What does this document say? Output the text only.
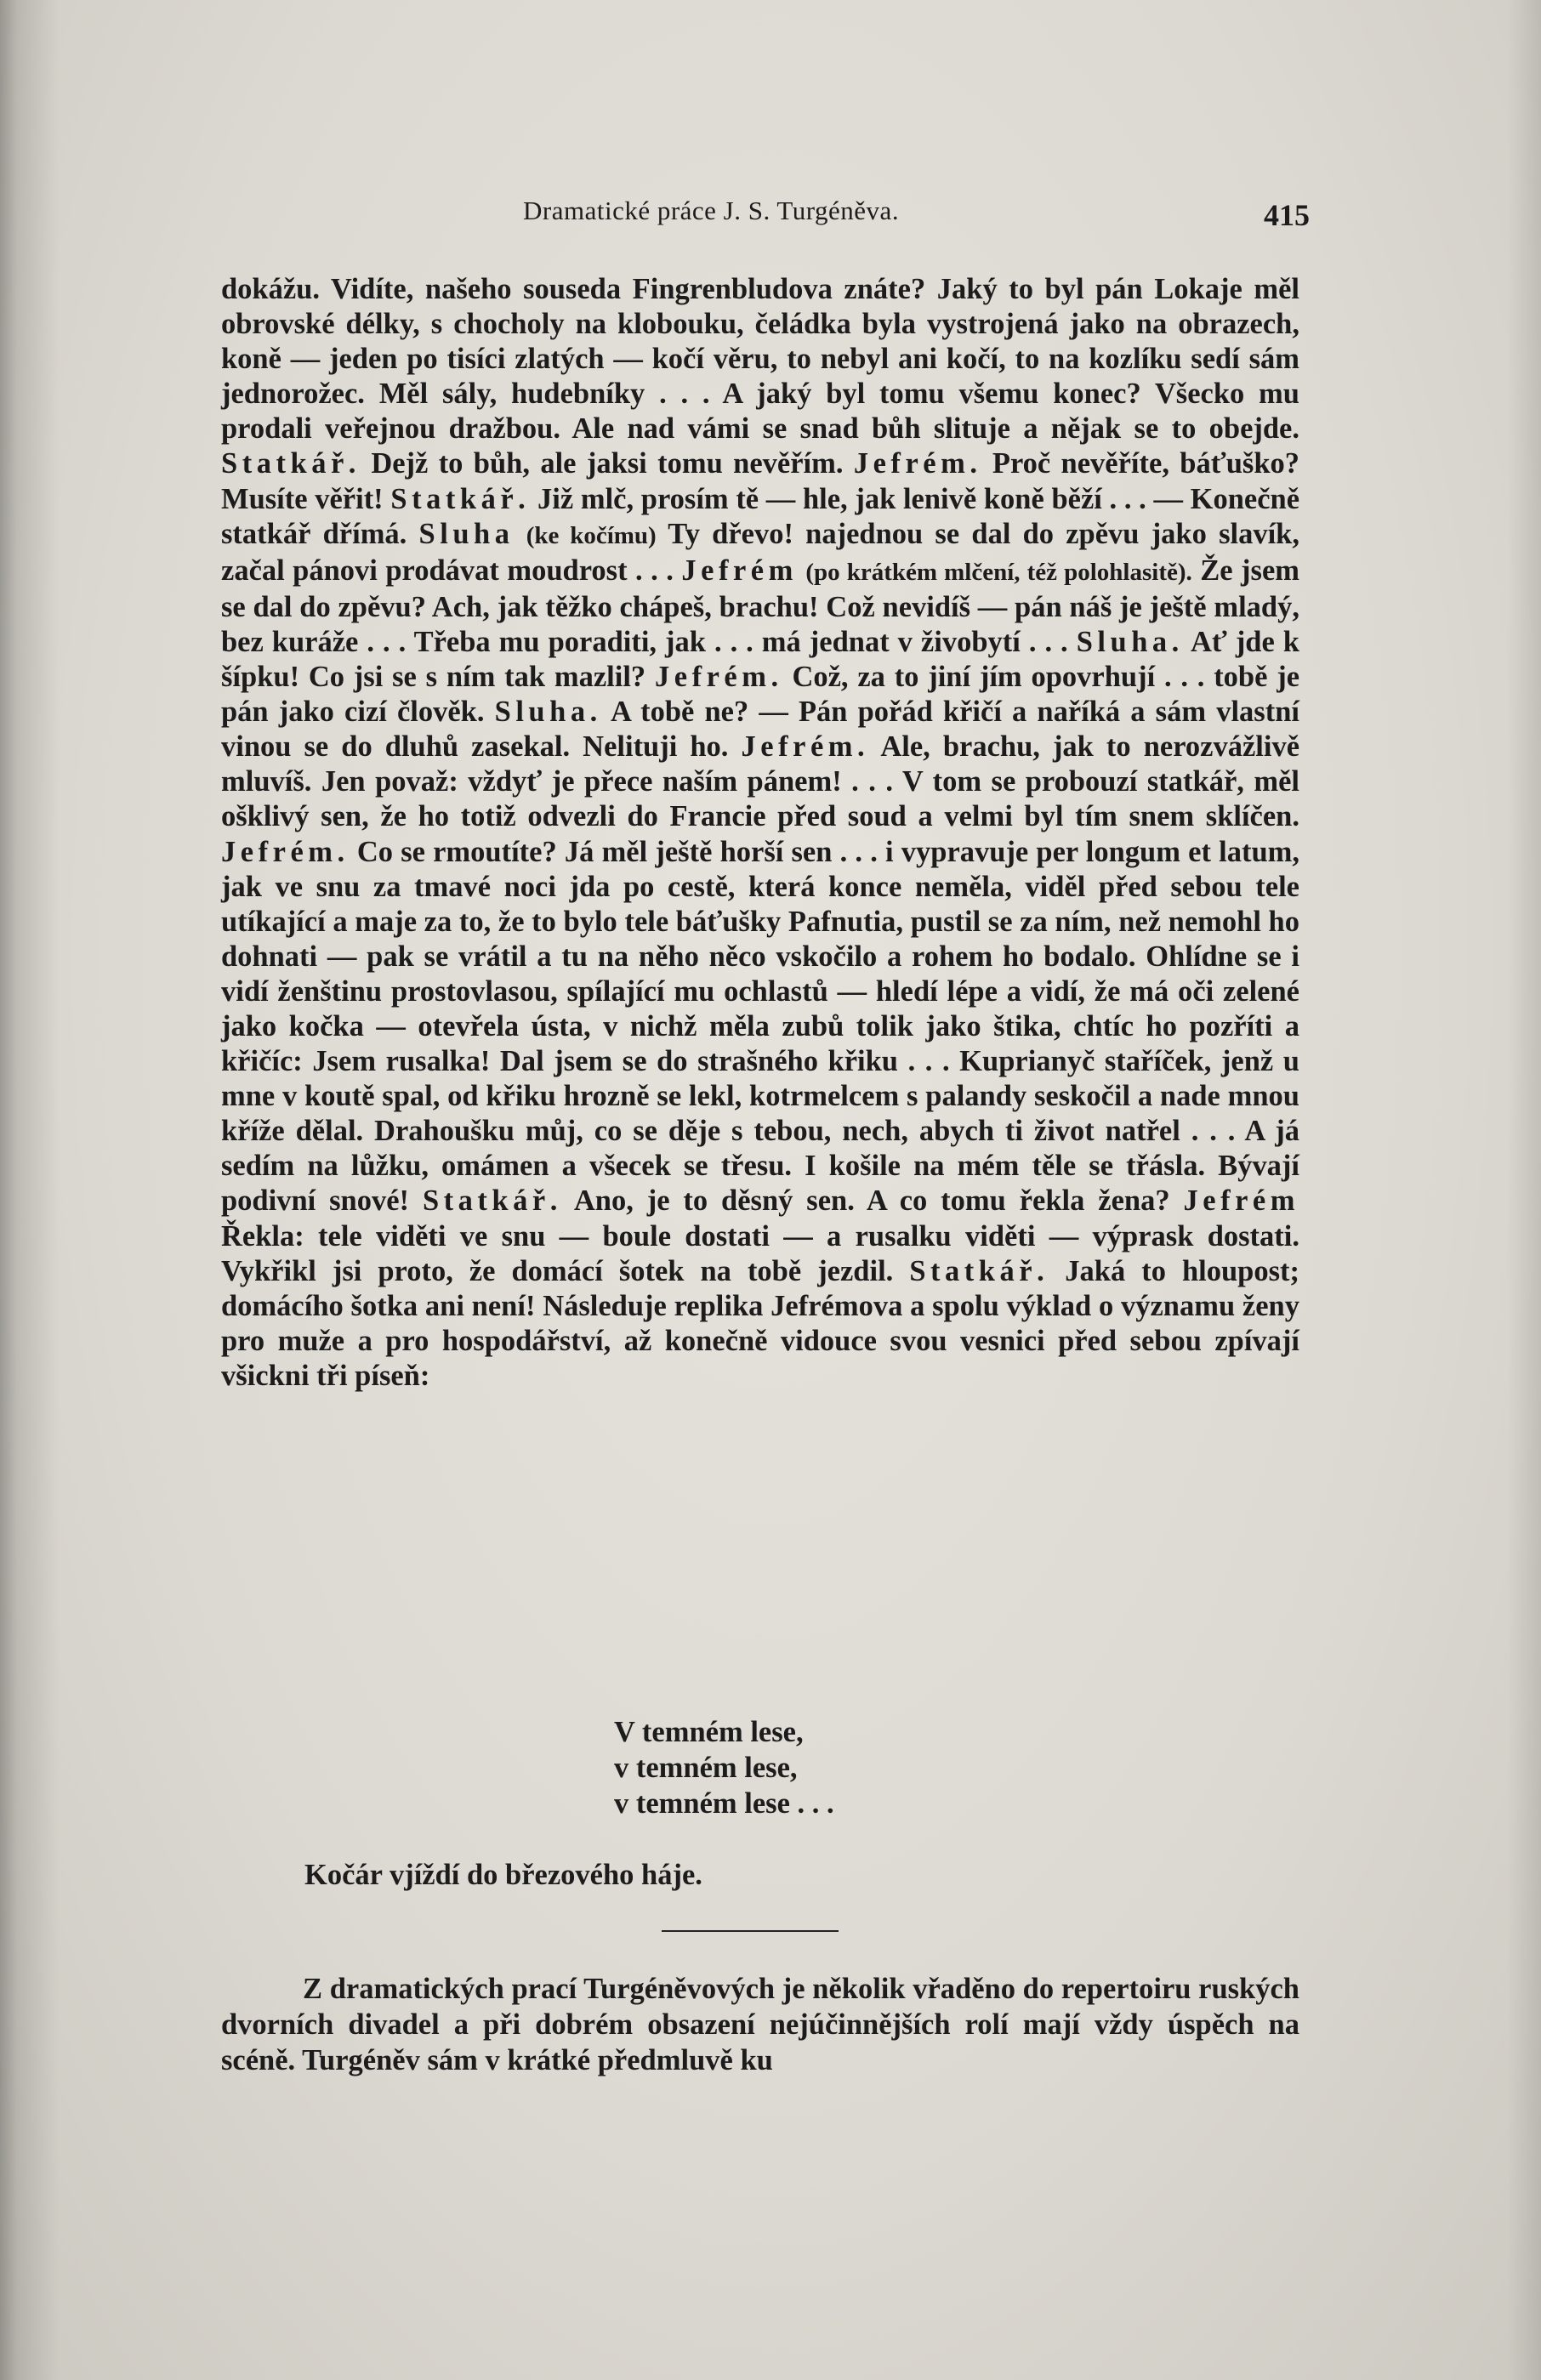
Dramatické práce J. S. Turgéněva.	415

dokážu. Vidíte, našeho souseda Fingrenbludova znáte? Jaký to byl pán Lokaje měl obrovské délky, s chocholy na klobouku, čeládka byla vystrojená jako na obrazech, koně — jeden po tisíci zlatých — kočí věru, to nebyl ani kočí, to na kozlíku sedí sám jednorožec. Měl sály, hudebníky . . . A jaký byl tomu všemu konec? Všecko mu prodali veřejnou dražbou. Ale nad vámi se snad bůh slituje a nějak se to obejde. Statkář. Dejž to bůh, ale jaksi tomu nevěřím. Jefrém. Proč nevěříte, báťuško? Musíte věřit! Statkář. Již mlč, prosím tě — hle, jak lenivě koně běží . . . — Konečně statkář dřímá. Sluha (ke kočímu) Ty dřevo! najednou se dal do zpěvu jako slavík, začal pánovi prodávat moudrost . . . Jefrém (po krátkém mlčení, též polohlasitě). Že jsem se dal do zpěvu? Ach, jak těžko chápeš, brachu! Což nevidíš — pán náš je ještě mladý, bez kuráže . . . Třeba mu poraditi, jak . . . má jednat v živobytí . . . Sluha. Ať jde k šípku! Co jsi se s ním tak mazlil? Jefrém. Což, za to jiní jím opovrhují . . . tobě je pán jako cizí člověk. Sluha. A tobě ne? — Pán pořád křičí a naříká a sám vlastní vinou se do dluhů zasekal. Nelituji ho. Jefrém. Ale, brachu, jak to nerozvážlivě mluvíš. Jen považ: vždyť je přece naším pánem! . . . V tom se probouzí statkář, měl ošklivý sen, že ho totiž odvezli do Francie před soud a velmi byl tím snem sklíčen. Jefrém. Co se rmoutíte? Já měl ještě horší sen . . . i vypravuje per longum et latum, jak ve snu za tmavé noci jda po cestě, která konce neměla, viděl před sebou tele utíkající a maje za to, že to bylo tele báťušky Pafnutia, pustil se za ním, než nemohl ho dohnati — pak se vrátil a tu na něho něco vskočilo a rohem ho bodalo. Ohlídne se i vidí ženštinu prostovlasou, spílající mu ochlastů — hledí lépe a vidí, že má oči zelené jako kočka — otevřela ústa, v nichž měla zubů tolik jako štika, chtíc ho pozříti a křičíc: Jsem rusalka! Dal jsem se do strašného křiku . . . Kuprianyč staříček, jenž u mne v koutě spal, od křiku hrozně se lekl, kotrmelcem s palandy seskočil a nade mnou kříže dělal. Drahoušku můj, co se děje s tebou, nech, abych ti život natřel . . . A já sedím na lůžku, omámen a všecek se třesu. I košile na mém těle se třásla. Bývají podivní snové! Statkář. Ano, je to děsný sen. A co tomu řekla žena? Jefrém Řekla: tele viděti ve snu — boule dostati — a rusalku viděti — výprask dostati. Vykřikl jsi proto, že domácí šotek na tobě jezdil. Statkář. Jaká to hloupost; domácího šotka ani není! Následuje replika Jefrémova a spolu výklad o významu ženy pro muže a pro hospodářství, až konečně vidouce svou vesnici před sebou zpívají všickni tři píseň:

V temném lese,
v temném lese,
v temném lese . . .

Kočár vjíždí do březového háje.

Z dramatických prací Turgéněvových je několik vřaděno do repertoiru ruských dvorních divadel a při dobrém obsazení nejúčinnějších rolí mají vždy úspěch na scéně. Turgéněv sám v krátké předmluvě ku
